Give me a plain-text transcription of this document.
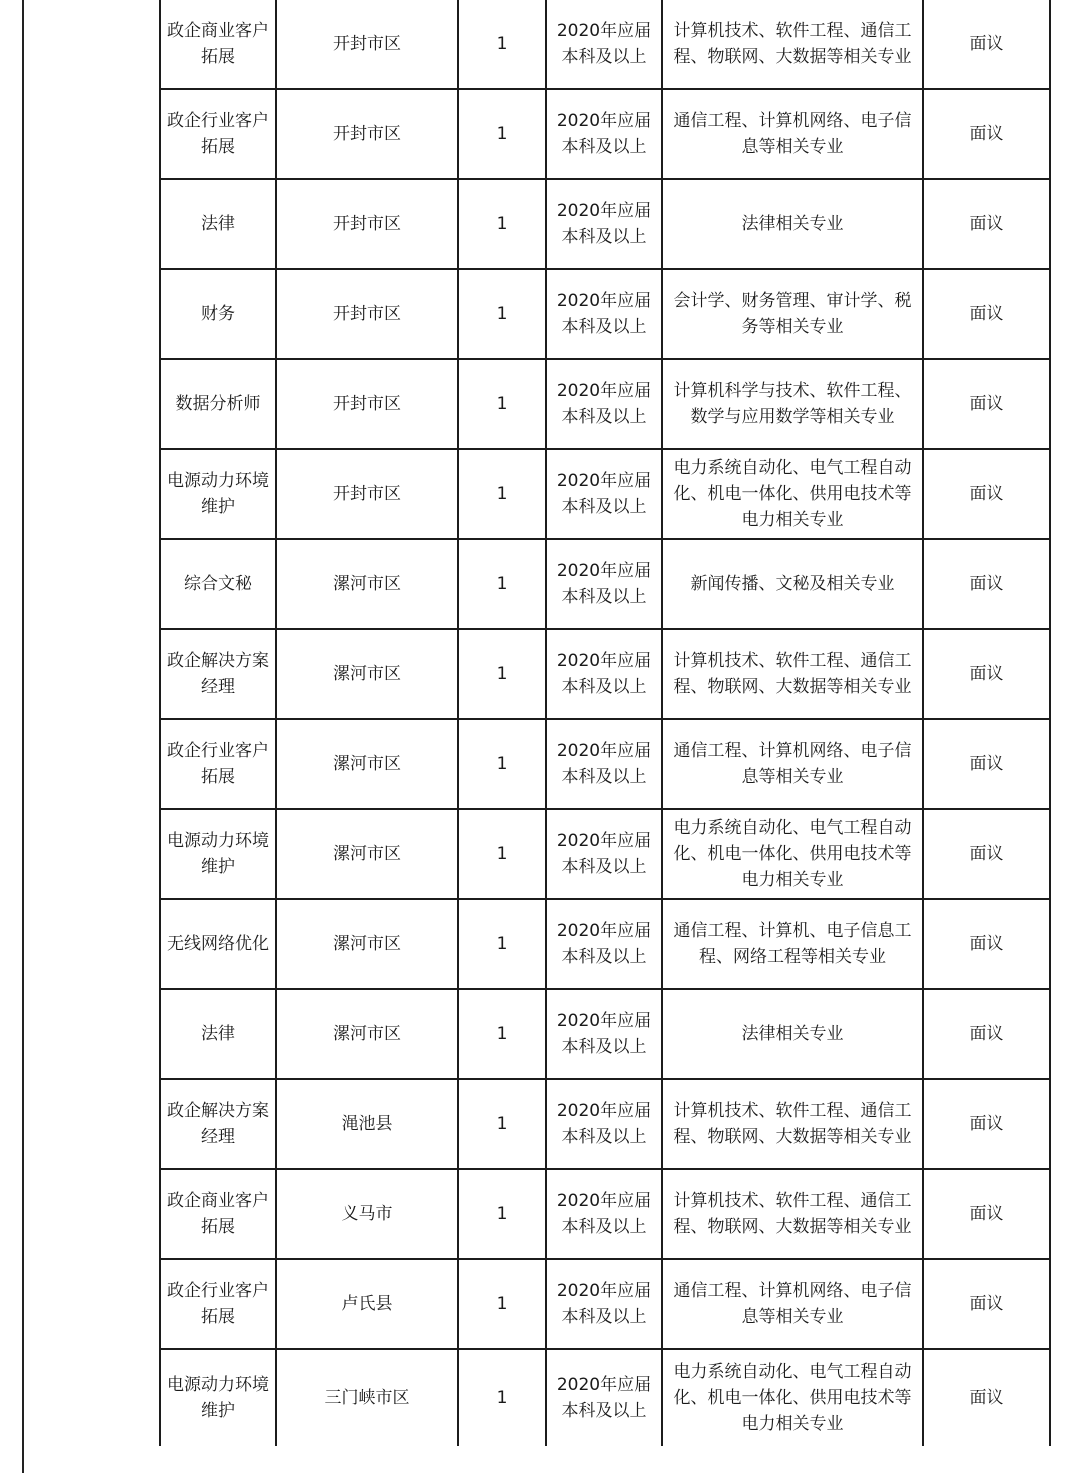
政企商业客户拓展	开封市区	1	2020年应届本科及以上	计算机技术、软件工程、通信工程、物联网、大数据等相关专业	面议
政企行业客户拓展	开封市区	1	2020年应届本科及以上	通信工程、计算机网络、电子信息等相关专业	面议
法律	开封市区	1	2020年应届本科及以上	法律相关专业	面议
财务	开封市区	1	2020年应届本科及以上	会计学、财务管理、审计学、税务等相关专业	面议
数据分析师	开封市区	1	2020年应届本科及以上	计算机科学与技术、软件工程、数学与应用数学等相关专业	面议
电源动力环境维护	开封市区	1	2020年应届本科及以上	电力系统自动化、电气工程自动化、机电一体化、供用电技术等电力相关专业	面议
综合文秘	漯河市区	1	2020年应届本科及以上	新闻传播、文秘及相关专业	面议
政企解决方案经理	漯河市区	1	2020年应届本科及以上	计算机技术、软件工程、通信工程、物联网、大数据等相关专业	面议
政企行业客户拓展	漯河市区	1	2020年应届本科及以上	通信工程、计算机网络、电子信息等相关专业	面议
电源动力环境维护	漯河市区	1	2020年应届本科及以上	电力系统自动化、电气工程自动化、机电一体化、供用电技术等电力相关专业	面议
无线网络优化	漯河市区	1	2020年应届本科及以上	通信工程、计算机、电子信息工程、网络工程等相关专业	面议
法律	漯河市区	1	2020年应届本科及以上	法律相关专业	面议
政企解决方案经理	渑池县	1	2020年应届本科及以上	计算机技术、软件工程、通信工程、物联网、大数据等相关专业	面议
政企商业客户拓展	义马市	1	2020年应届本科及以上	计算机技术、软件工程、通信工程、物联网、大数据等相关专业	面议
政企行业客户拓展	卢氏县	1	2020年应届本科及以上	通信工程、计算机网络、电子信息等相关专业	面议
电源动力环境维护	三门峡市区	1	2020年应届本科及以上	电力系统自动化、电气工程自动化、机电一体化、供用电技术等电力相关专业	面议
